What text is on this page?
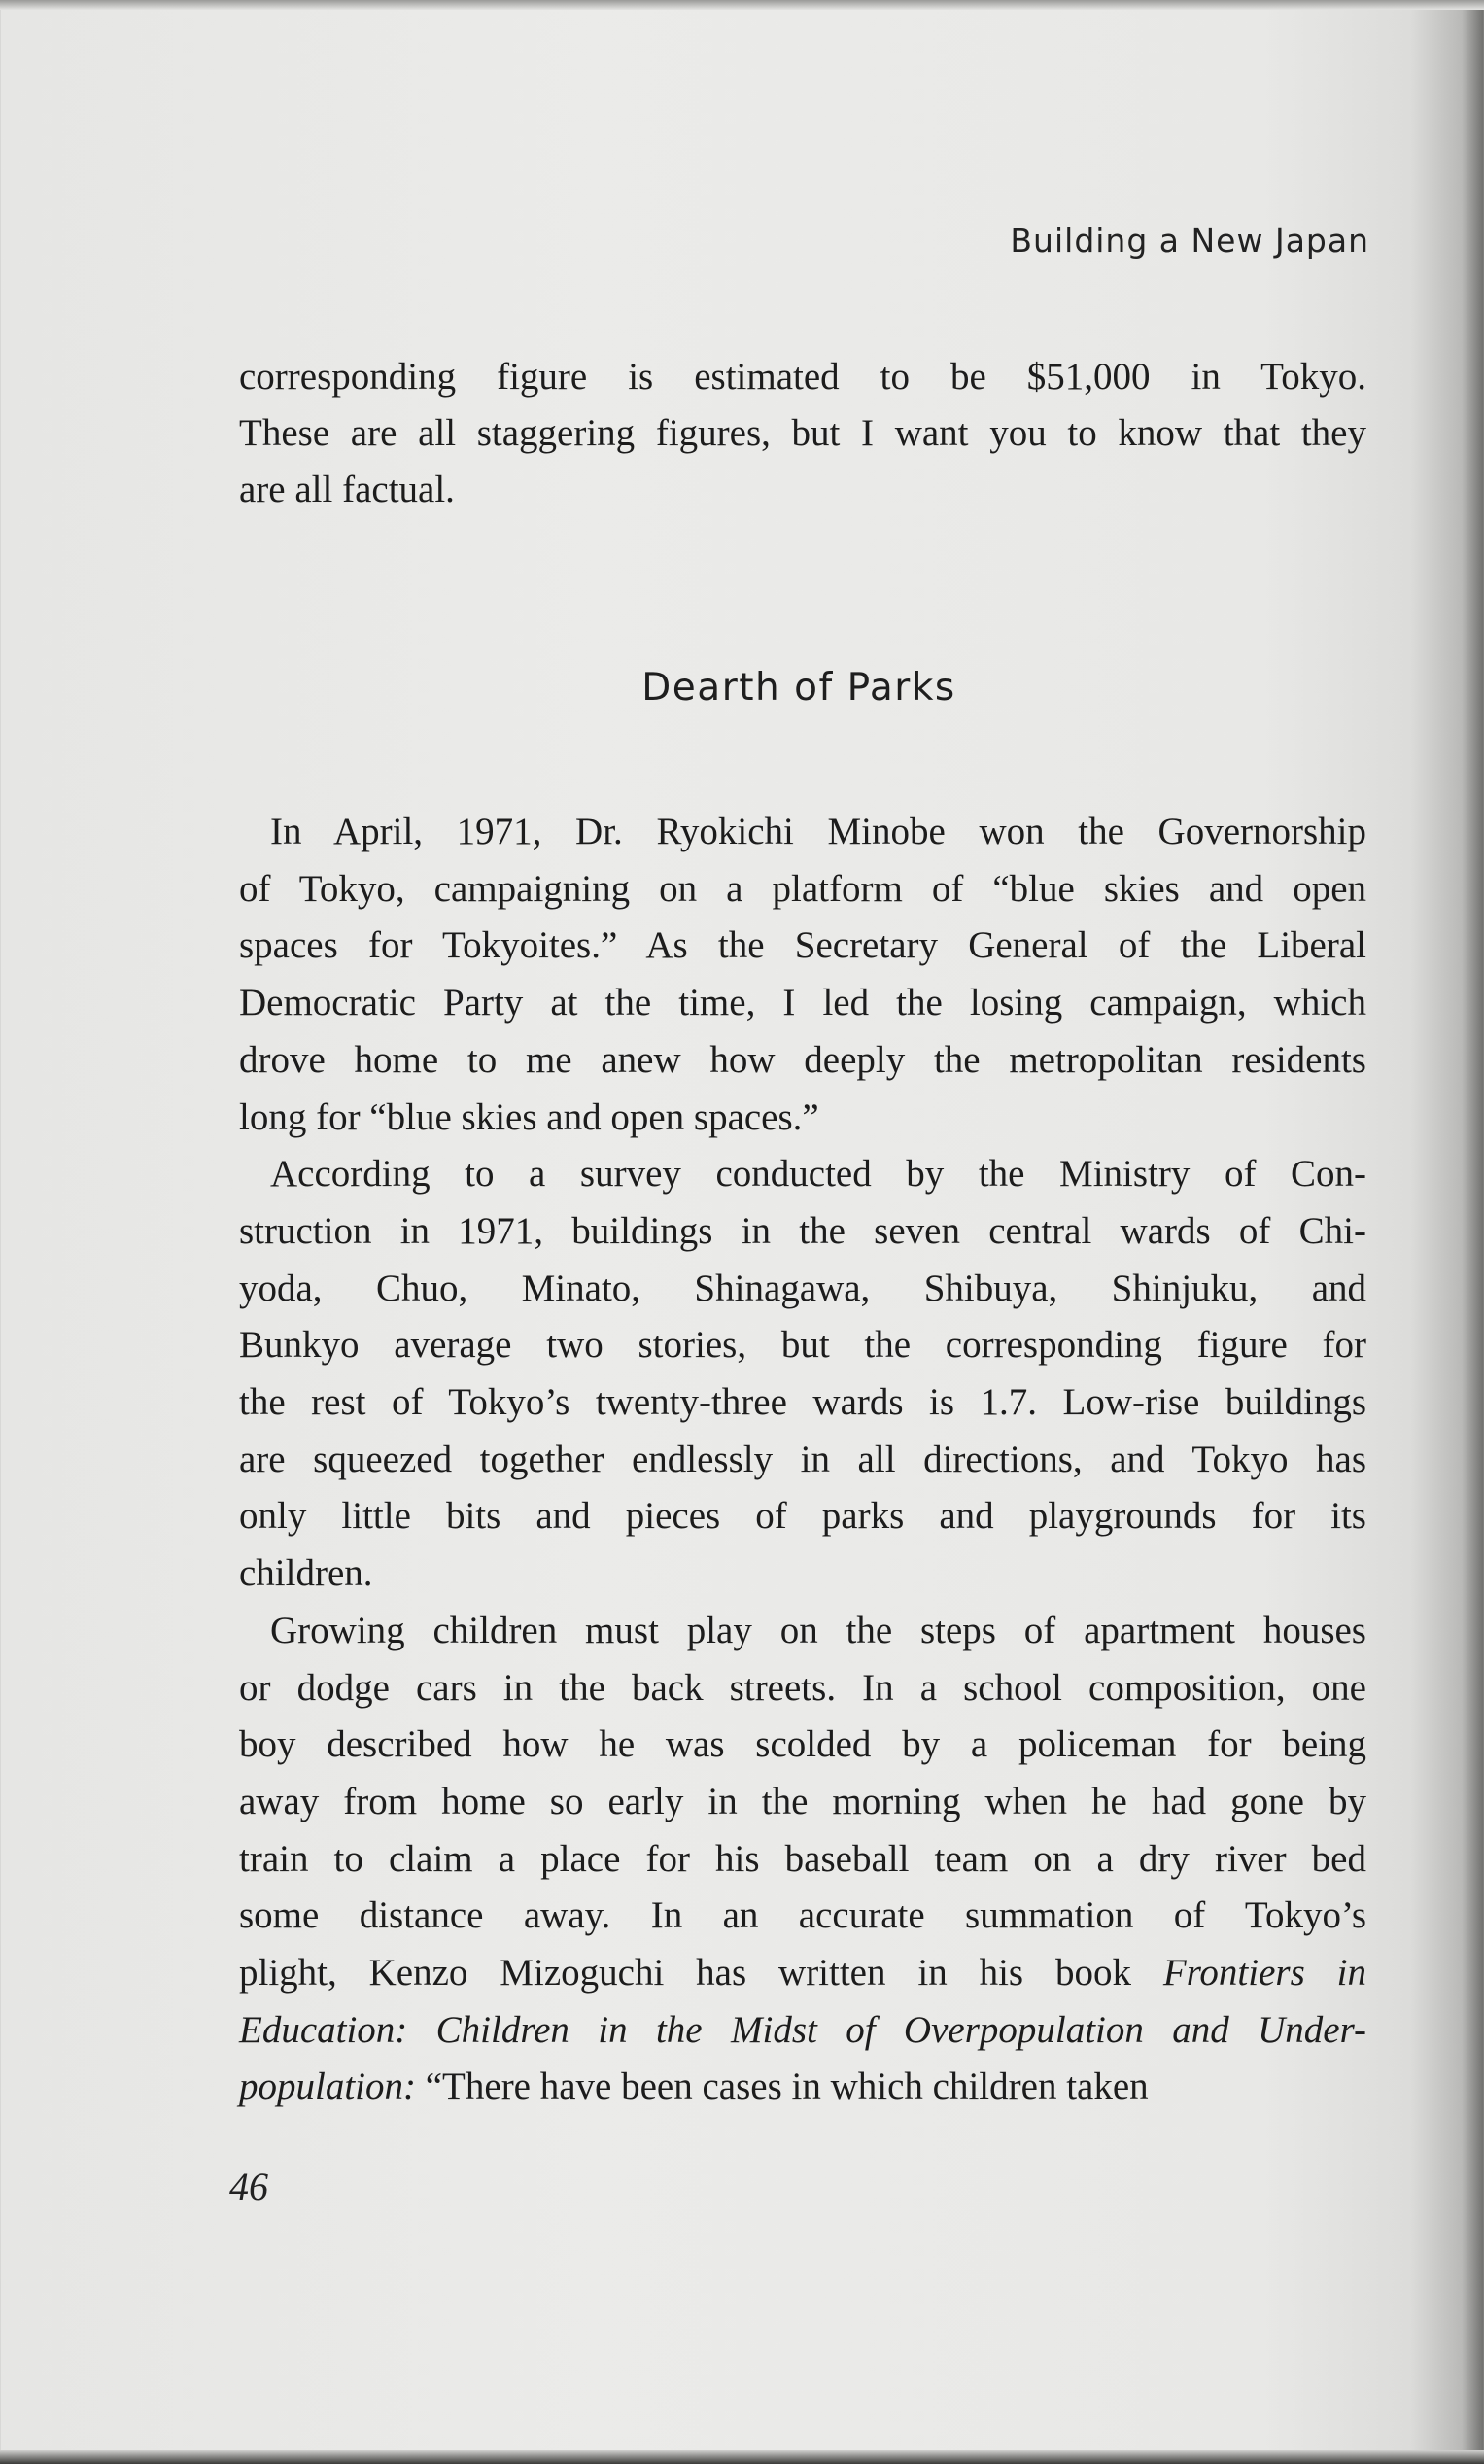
Building a New Japan
Dearth of Parks
corresponding figure is estimated to be $51,000 in Tokyo.
These are all staggering figures, but I want you to know that they
are all factual.
In April, 1971, Dr. Ryokichi Minobe won the Governorship
of Tokyo, campaigning on a platform of “blue skies and open
spaces for Tokyoites.” As the Secretary General of the Liberal
Democratic Party at the time, I led the losing campaign, which
drove home to me anew how deeply the metropolitan residents
long for “blue skies and open spaces.”
According to a survey conducted by the Ministry of Con-
struction in 1971, buildings in the seven central wards of Chi-
yoda, Chuo, Minato, Shinagawa, Shibuya, Shinjuku, and
Bunkyo average two stories, but the corresponding figure for
the rest of Tokyo’s twenty-three wards is 1.7. Low-rise buildings
are squeezed together endlessly in all directions, and Tokyo has
only little bits and pieces of parks and playgrounds for its
children.
Growing children must play on the steps of apartment houses
or dodge cars in the back streets. In a school composition, one
boy described how he was scolded by a policeman for being
away from home so early in the morning when he had gone by
train to claim a place for his baseball team on a dry river bed
some distance away. In an accurate summation of Tokyo’s
plight, Kenzo Mizoguchi has written in his book Frontiers in
Education: Children in the Midst of Overpopulation and Under-
population: “There have been cases in which children taken
46
